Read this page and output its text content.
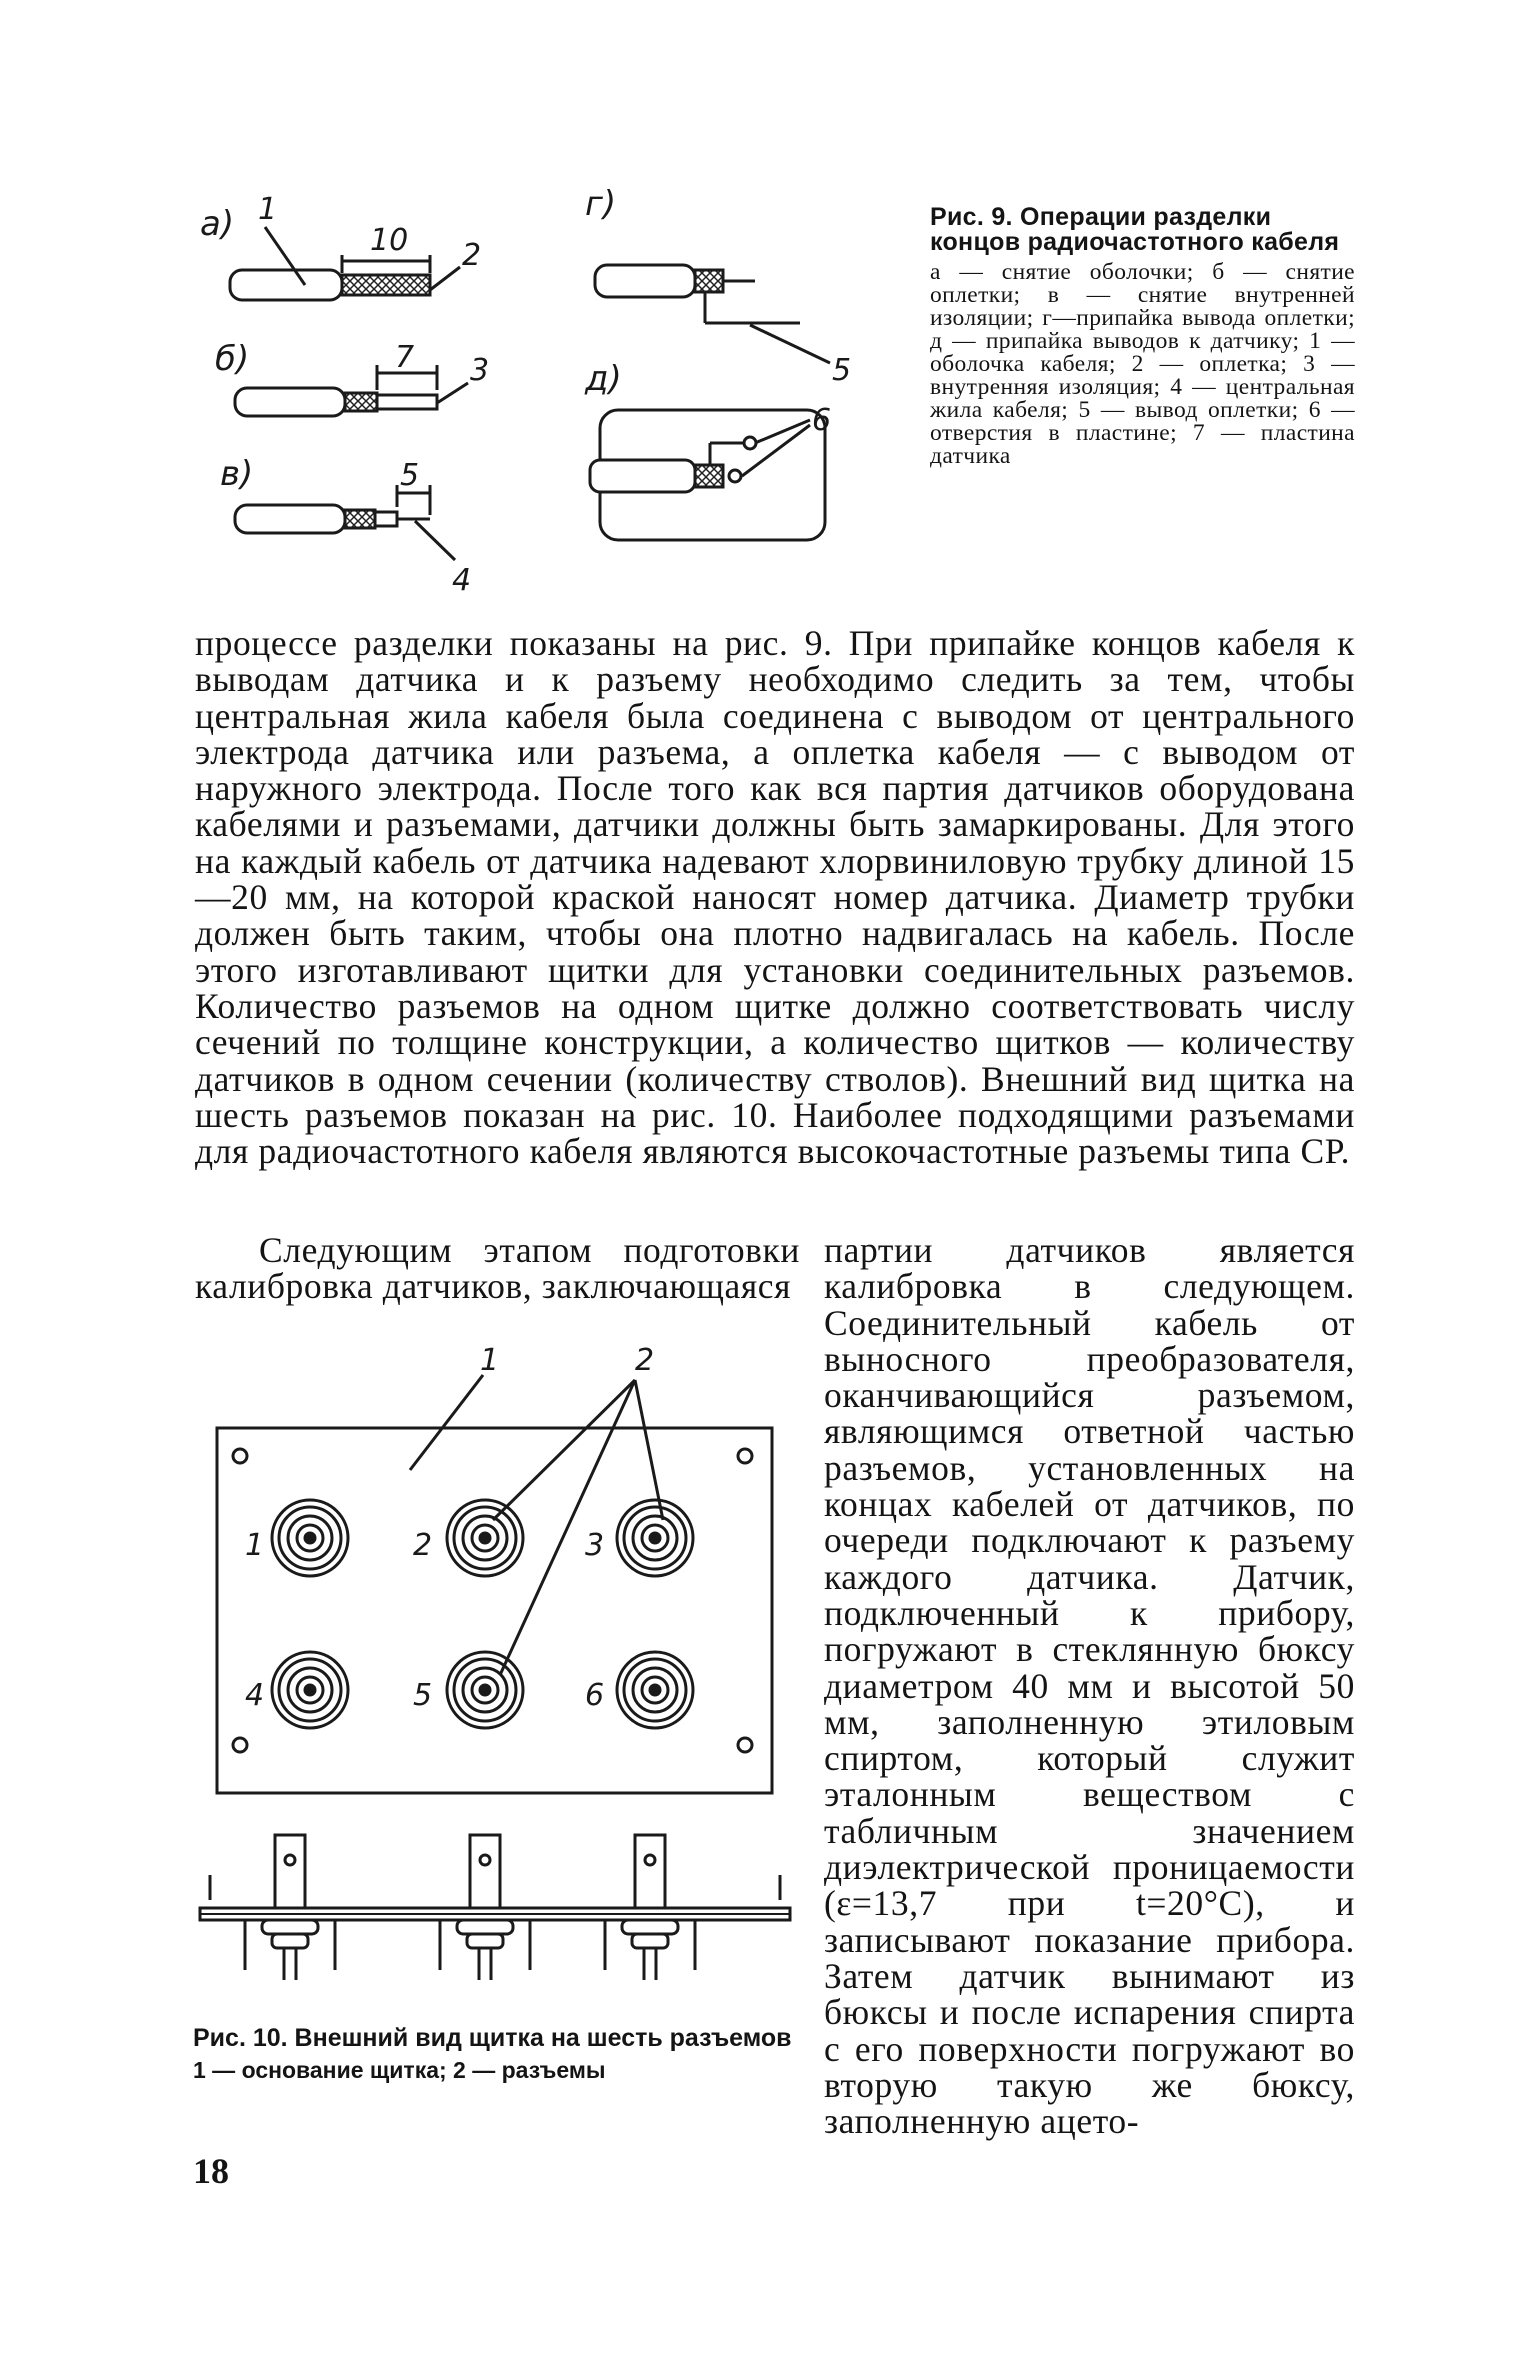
а) 1
10 2
б)	7 3
в)	5
4
г)
5
д)
6
Рис. 9. Операции разделки концов радиочастотного кабеля
а — снятие оболочки; б — снятие оплетки; в — снятие внутренней изоляции; г—припайка вывода оплетки; д — припайка выводов к датчику; 1 — оболочка кабеля; 2 — оплетка; 3 — внутренняя изоляция; 4 — центральная жила кабеля; 5 — вывод оплетки; 6 — отверстия в пластине; 7 — пластина датчика
процессе разделки показаны на рис. 9. При припайке концов кабеля к выводам датчика и к разъему необходимо следить за тем, чтобы центральная жила кабеля была соединена с выводом от центрального электрода датчика или разъема, а оплетка кабеля — с выводом от наружного электрода. После того как вся партия датчиков оборудована кабелями и разъемами, датчики должны быть замаркированы. Для этого на каждый кабель от датчика надевают хлорвиниловую трубку длиной 15—20 мм, на которой краской наносят номер датчика. Диаметр трубки должен быть таким, чтобы она плотно надвигалась на кабель. После этого изготавливают щитки для установки соединительных разъемов. Количество разъемов на одном щитке должно соответствовать числу сечений по толщине конструкции, а количество щитков — количеству датчиков в одном сечении (количеству стволов). Внешний вид щитка на шесть разъемов показан на рис. 10. Наиболее подходящими разъемами для радиочастотного кабеля являются высокочастотные разъемы типа СР.
Следующим этапом подготовки калибровка датчиков, заключающаяся
партии датчиков является калибровка в следующем. Соединительный кабель от выносного преобразователя, оканчивающийся разъемом, являющимся ответной частью разъемов, установленных на концах кабелей от датчиков, по очереди подключают к разъему каждого датчика. Датчик, подключенный к прибору, погружают в стеклянную бюксу диаметром 40 мм и высотой 50 мм, заполненную этиловым спиртом, который служит эталонным веществом с табличным значением диэлектрической проницаемости (ε=13,7 при t=20°C), и записывают показание прибора. Затем датчик вынимают из бюксы и после испарения спирта с его поверхности погружают во вторую такую же бюксу, заполненную ацето-
1	2
1	2	3
4	5	6
Рис. 10. Внешний вид щитка на шесть разъемов
1 — основание щитка; 2 — разъемы
18
